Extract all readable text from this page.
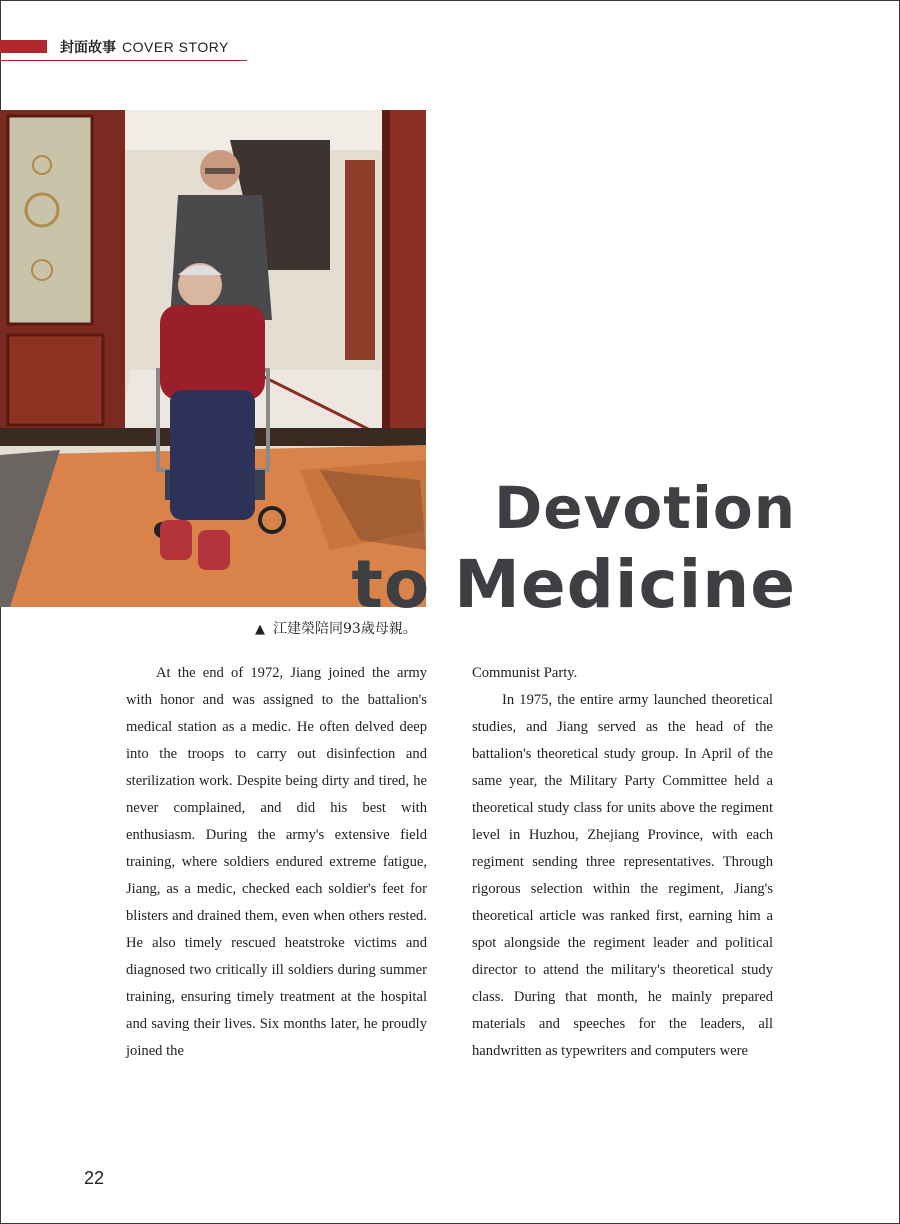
封面故事 COVER STORY
▲ 江建榮陪同93歲母親。
Devotion
to Medicine

At the end of 1972, Jiang joined the army with honor and was assigned to the battalion's medical station as a medic. He often delved deep into the troops to carry out disinfection and sterilization work. Despite being dirty and tired, he never complained, and did his best with enthusiasm. During the army's extensive field training, where soldiers endured extreme fatigue, Jiang, as a medic, checked each soldier's feet for blisters and drained them, even when others rested. He also timely rescued heatstroke victims and diagnosed two critically ill soldiers during summer training, ensuring timely treatment at the hospital and saving their lives. Six months later, he proudly joined the

Communist Party.

In 1975, the entire army launched theoretical studies, and Jiang served as the head of the battalion's theoretical study group. In April of the same year, the Military Party Committee held a theoretical study class for units above the regiment level in Huzhou, Zhejiang Province, with each regiment sending three representatives. Through rigorous selection within the regiment, Jiang's theoretical article was ranked first, earning him a spot alongside the regiment leader and political director to attend the military's theoretical study class. During that month, he mainly prepared materials and speeches for the leaders, all handwritten as typewriters and computers were

22
